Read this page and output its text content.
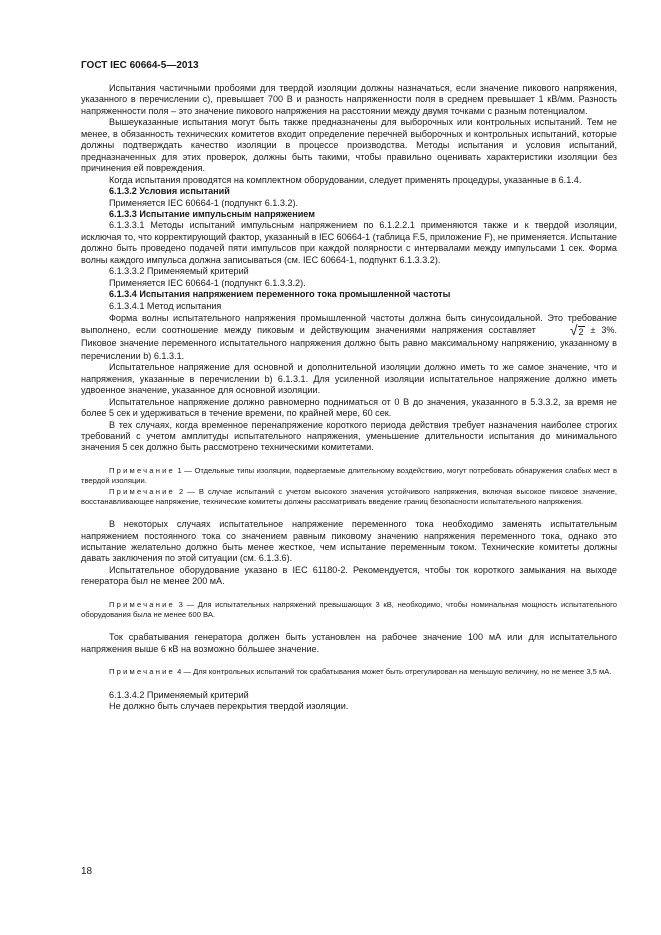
ГОСТ IEC 60664-5—2013

Испытания частичными пробоями для твердой изоляции должны назначаться, если значение пикового напряжения, указанного в перечислении с), превышает 700 В и разность напряженности поля в среднем превышает 1 кВ/мм. Разность напряженности поля – это значение пикового напряжения на расстоянии между двумя точками с разным потенциалом.

Вышеуказанные испытания могут быть также предназначены для выборочных или контрольных испытаний. Тем не менее, в обязанность технических комитетов входит определение перечней выборочных и контрольных испытаний, которые должны подтверждать качество изоляции в процессе производства. Методы испытания и условия испытаний, предназначенных для этих проверок, должны быть такими, чтобы правильно оценивать характеристики изоляции без причинения ей повреждения.

Когда испытания проводятся на комплектном оборудовании, следует применять процедуры, указанные в 6.1.4.

6.1.3.2 Условия испытаний

Применяется IEC 60664-1 (подпункт 6.1.3.2).

6.1.3.3 Испытание импульсным напряжением

6.1.3.3.1 Методы испытаний импульсным напряжением по 6.1.2.2.1 применяются также и к твердой изоляции, исключая то, что корректирующий фактор, указанный в IEC 60664-1 (таблица F.5, приложение F), не применяется. Испытание должно быть проведено подачей пяти импульсов при каждой полярности с интервалами между импульсами 1 сек. Форма волны каждого импульса должна записываться (см. IEC 60664-1, подпункт 6.1.3.3.2).

6.1.3.3.2 Применяемый критерий

Применяется IEC 60664-1 (подпункт 6.1.3.3.2).

6.1.3.4 Испытания напряжением переменного тока промышленной частоты

6.1.3.4.1 Метод испытания

Форма волны испытательного напряжения промышленной частоты должна быть синусоидальной. Это требование выполнено, если соотношение между пиковым и действующим значениями напряжения составляет √2 ± 3%. Пиковое значение переменного испытательного напряжения должно быть равно максимальному напряжению, указанному в перечислении b) 6.1.3.1.

Испытательное напряжение для основной и дополнительной изоляции должно иметь то же самое значение, что и напряжения, указанные в перечислении b) 6.1.3.1. Для усиленной изоляции испытательное напряжение должно иметь удвоенное значение, указанное для основной изоляции.

Испытательное напряжение должно равномерно подниматься от 0 В до значения, указанного в 5.3.3.2, за время не более 5 сек и удерживаться в течение времени, по крайней мере, 60 сек.

В тех случаях, когда временное перенапряжение короткого периода действия требует назначения наиболее строгих требований с учетом амплитуды испытательного напряжения, уменьшение длительности испытания до минимального значения 5 сек должно быть рассмотрено техническими комитетами.

Примечание 1 — Отдельные типы изоляции, подвергаемые длительному воздействию, могут потребовать обнаружения слабых мест в твердой изоляции.

Примечание 2 — В случае испытаний с учетом высокого значения устойчивого напряжения, включая высокое пиковое значение, восстанавливающее напряжение, технические комитеты должны рассматривать введение границ безопасности испытательного напряжения.

В некоторых случаях испытательное напряжение переменного тока необходимо заменять испытательным напряжением постоянного тока со значением равным пиковому значению напряжения переменного тока, однако это испытание желательно должно быть менее жесткое, чем испытание переменным током. Технические комитеты должны давать заключения по этой ситуации (см. 6.1.3.6).

Испытательное оборудование указано в IEC 61180-2. Рекомендуется, чтобы ток короткого замыкания на выходе генератора был не менее 200 мА.

Примечание 3 — Для испытательных напряжений превышающих 3 кВ, необходимо, чтобы номинальная мощность испытательного оборудования была не менее 600 ВА.

Ток срабатывания генератора должен быть установлен на рабочее значение 100 мА или для испытательного напряжения выше 6 кВ на возможно бóльшее значение.

Примечание 4 — Для контрольных испытаний ток срабатывания может быть отрегулирован на меньшую величину, но не менее 3,5 мА.

6.1.3.4.2 Применяемый критерий

Не должно быть случаев перекрытия твердой изоляции.

18
